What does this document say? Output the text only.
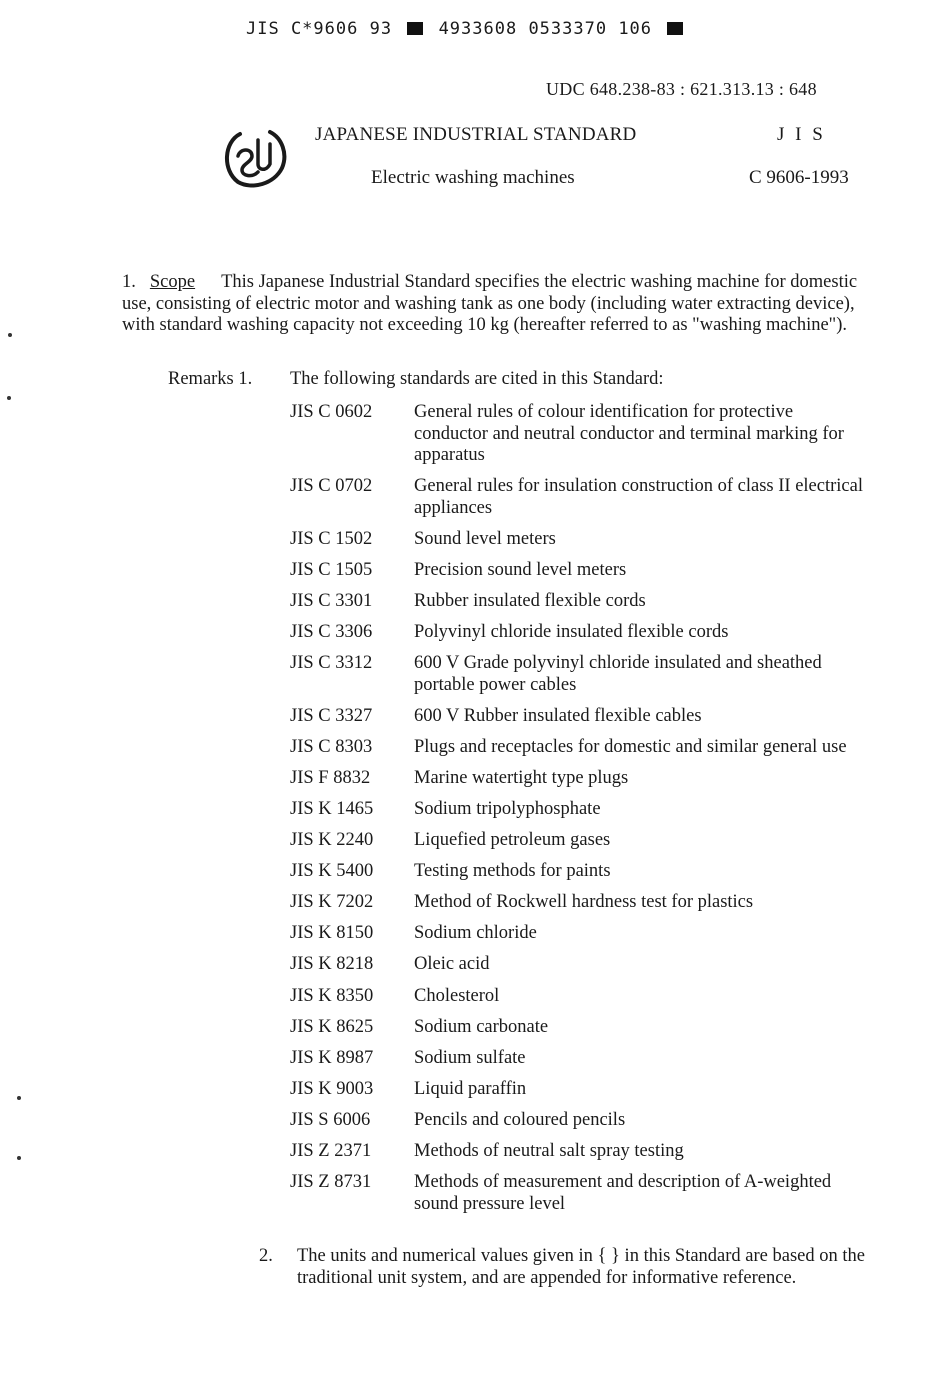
JIS C*9606 93	4933608 0533370 106
UDC 648.238-83 : 621.313.13 : 648
JAPANESE INDUSTRIAL STANDARD	J I S
Electric washing machines	C 9606-1993
1. Scope This Japanese Industrial Standard specifies the electric washing machine for domestic use, consisting of electric motor and washing tank as one body (including water extracting device), with standard washing capacity not exceeding 10 kg (hereafter referred to as "washing machine").
Remarks 1. The following standards are cited in this Standard:
JIS C 0602	General rules of colour identification for protective conductor and neutral conductor and terminal marking for apparatus
JIS C 0702	General rules for insulation construction of class II electrical appliances
JIS C 1502	Sound level meters
JIS C 1505	Precision sound level meters
JIS C 3301	Rubber insulated flexible cords
JIS C 3306	Polyvinyl chloride insulated flexible cords
JIS C 3312	600 V Grade polyvinyl chloride insulated and sheathed portable power cables
JIS C 3327	600 V Rubber insulated flexible cables
JIS C 8303	Plugs and receptacles for domestic and similar general use
JIS F 8832	Marine watertight type plugs
JIS K 1465	Sodium tripolyphosphate
JIS K 2240	Liquefied petroleum gases
JIS K 5400	Testing methods for paints
JIS K 7202	Method of Rockwell hardness test for plastics
JIS K 8150	Sodium chloride
JIS K 8218	Oleic acid
JIS K 8350	Cholesterol
JIS K 8625	Sodium carbonate
JIS K 8987	Sodium sulfate
JIS K 9003	Liquid paraffin
JIS S 6006	Pencils and coloured pencils
JIS Z 2371	Methods of neutral salt spray testing
JIS Z 8731	Methods of measurement and description of A-weighted sound pressure level
2.	The units and numerical values given in { } in this Standard are based on the traditional unit system, and are appended for informative reference.
